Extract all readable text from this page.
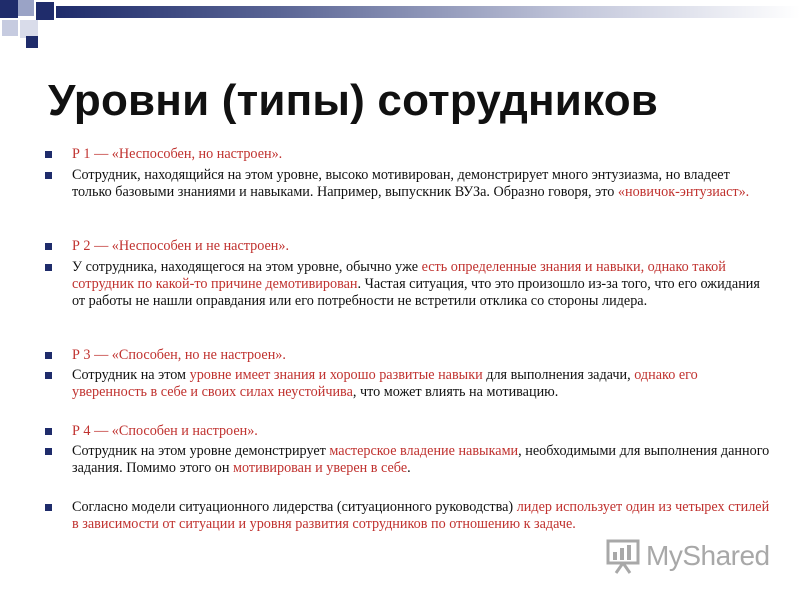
Уровни (типы) сотрудников
Р 1 — «Неспособен, но настроен».
Сотрудник, находящийся на этом уровне, высоко мотивирован, демонстрирует много энтузиазма, но владеет только базовыми знаниями и навыками. Например, выпускник ВУЗа. Образно говоря, это «новичок-энтузиаст».
Р 2 — «Неспособен и не настроен».
У сотрудника, находящегося на этом уровне, обычно уже есть определенные знания и навыки, однако такой сотрудник по какой-то причине демотивирован. Частая ситуация, что это произошло из-за того, что его ожидания от работы не нашли оправдания или его потребности не встретили отклика со стороны лидера.
Р 3 — «Способен, но не настроен».
Сотрудник на этом уровне имеет знания и хорошо развитые навыки для выполнения задачи, однако его уверенность в себе и своих силах неустойчива, что может влиять на мотивацию.
Р 4 — «Способен и настроен».
Сотрудник на этом уровне демонстрирует мастерское владение навыками, необходимыми для выполнения данного задания. Помимо этого он мотивирован и уверен в себе.
Согласно модели ситуационного лидерства (ситуационного руководства) лидер использует один из четырех стилей в зависимости от ситуации и уровня развития сотрудников по отношению к задаче.
MyShared
